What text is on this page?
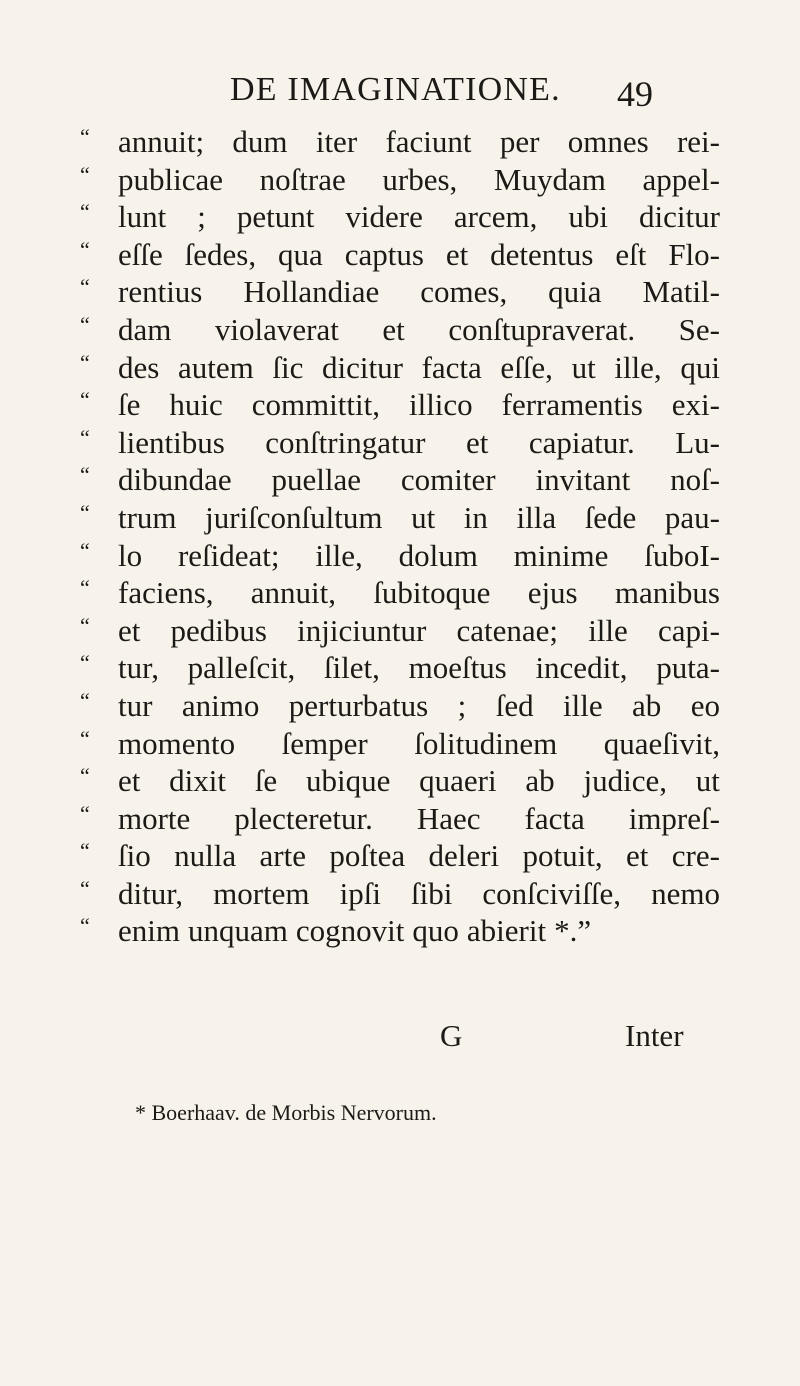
DE IMAGINATIONE. 49
“ annuit; dum iter faciunt per omnes rei-
“ publicae noſtrae urbes, Muydam appel-
“ lunt ; petunt videre arcem, ubi dicitur
“ eſſe ſedes, qua captus et detentus eſt Flo-
“ rentius Hollandiae comes, quia Matil-
“ dam violaverat et conſtupraverat. Se-
“ des autem ſic dicitur facta eſſe, ut ille, qui
“ ſe huic committit, illico ferramentis exi-
“ lientibus conſtringatur et capiatur. Lu-
“ dibundae puellae comiter invitant noſ-
“ trum juriſconſultum ut in illa ſede pau-
“ lo reſideat; ille, dolum minime ſuboI-
“ faciens, annuit, ſubitoque ejus manibus
“ et pedibus injiciuntur catenae; ille capi-
“ tur, palleſcit, ſilet, moeſtus incedit, puta-
“ tur animo perturbatus ; ſed ille ab eo
“ momento ſemper ſolitudinem quaeſivit,
“ et dixit ſe ubique quaeri ab judice, ut
“ morte plecteretur. Haec facta impreſ-
“ ſio nulla arte poſtea deleri potuit, et cre-
“ ditur, mortem ipſi ſibi conſciviſſe, nemo
“ enim unquam cognovit quo abierit *.”
G	Inter
* Boerhaav. de Morbis Nervorum.
